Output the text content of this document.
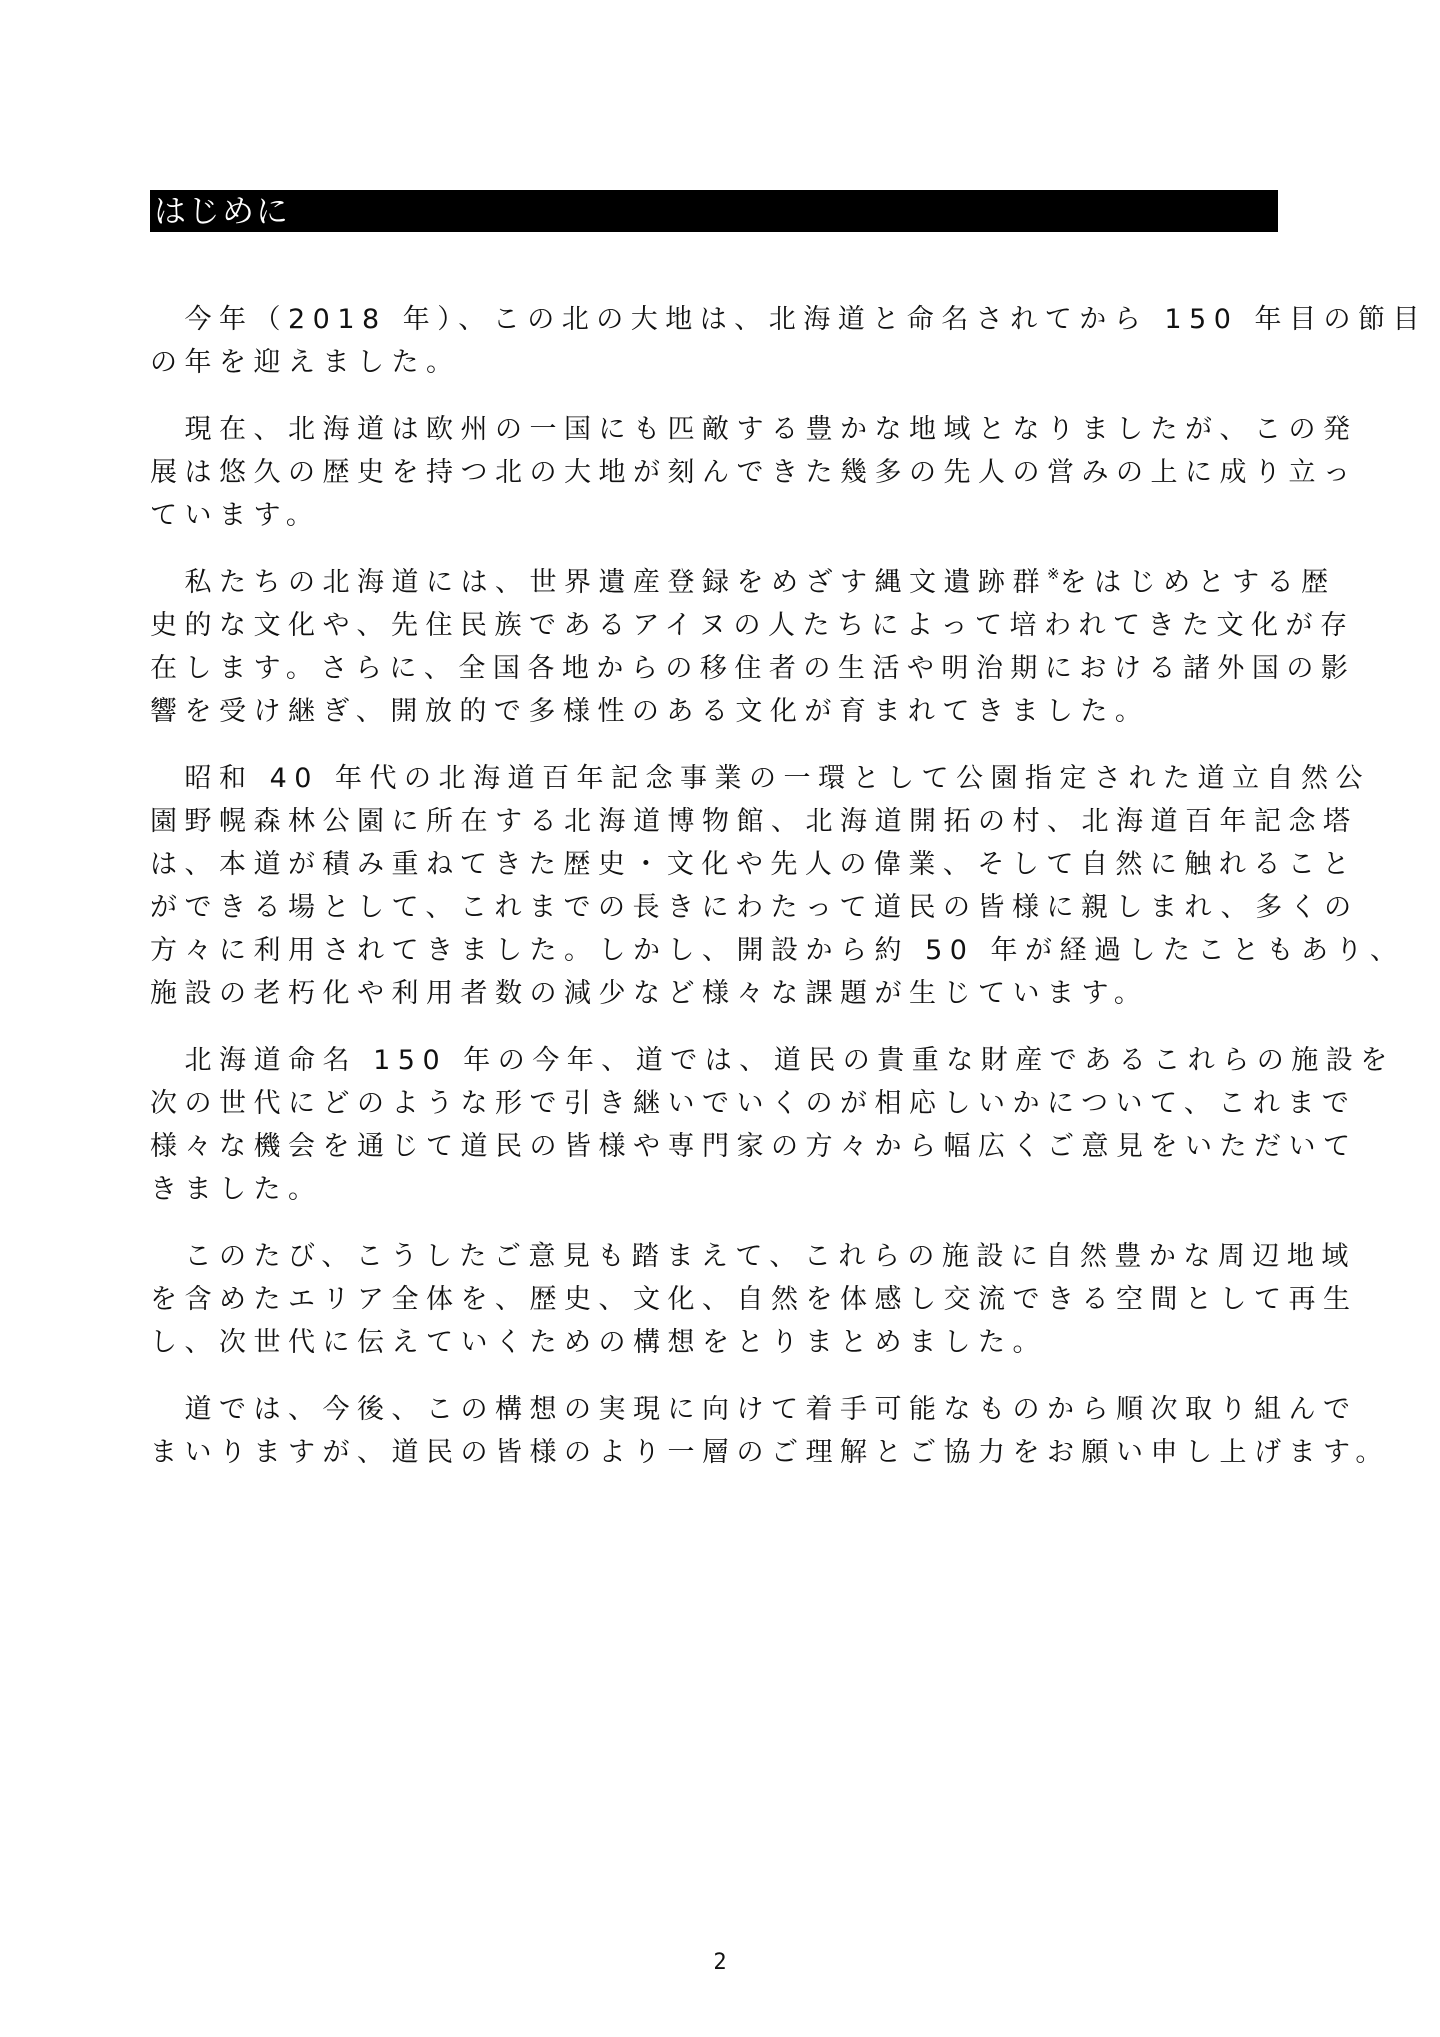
はじめに
　今年（2018 年）、この北の大地は、北海道と命名されてから 150 年目の節目
の年を迎えました。
　現在、北海道は欧州の一国にも匹敵する豊かな地域となりましたが、この発
展は悠久の歴史を持つ北の大地が刻んできた幾多の先人の営みの上に成り立っ
ています。
　私たちの北海道には、世界遺産登録をめざす縄文遺跡群※をはじめとする歴
史的な文化や、先住民族であるアイヌの人たちによって培われてきた文化が存
在します。さらに、全国各地からの移住者の生活や明治期における諸外国の影
響を受け継ぎ、開放的で多様性のある文化が育まれてきました。
　昭和 40 年代の北海道百年記念事業の一環として公園指定された道立自然公
園野幌森林公園に所在する北海道博物館、北海道開拓の村、北海道百年記念塔
は、本道が積み重ねてきた歴史・文化や先人の偉業、そして自然に触れること
ができる場として、これまでの長きにわたって道民の皆様に親しまれ、多くの
方々に利用されてきました。しかし、開設から約 50 年が経過したこともあり、
施設の老朽化や利用者数の減少など様々な課題が生じています。
　北海道命名 150 年の今年、道では、道民の貴重な財産であるこれらの施設を
次の世代にどのような形で引き継いでいくのが相応しいかについて、これまで
様々な機会を通じて道民の皆様や専門家の方々から幅広くご意見をいただいて
きました。
　このたび、こうしたご意見も踏まえて、これらの施設に自然豊かな周辺地域
を含めたエリア全体を、歴史、文化、自然を体感し交流できる空間として再生
し、次世代に伝えていくための構想をとりまとめました。
　道では、今後、この構想の実現に向けて着手可能なものから順次取り組んで
まいりますが、道民の皆様のより一層のご理解とご協力をお願い申し上げます。
2
